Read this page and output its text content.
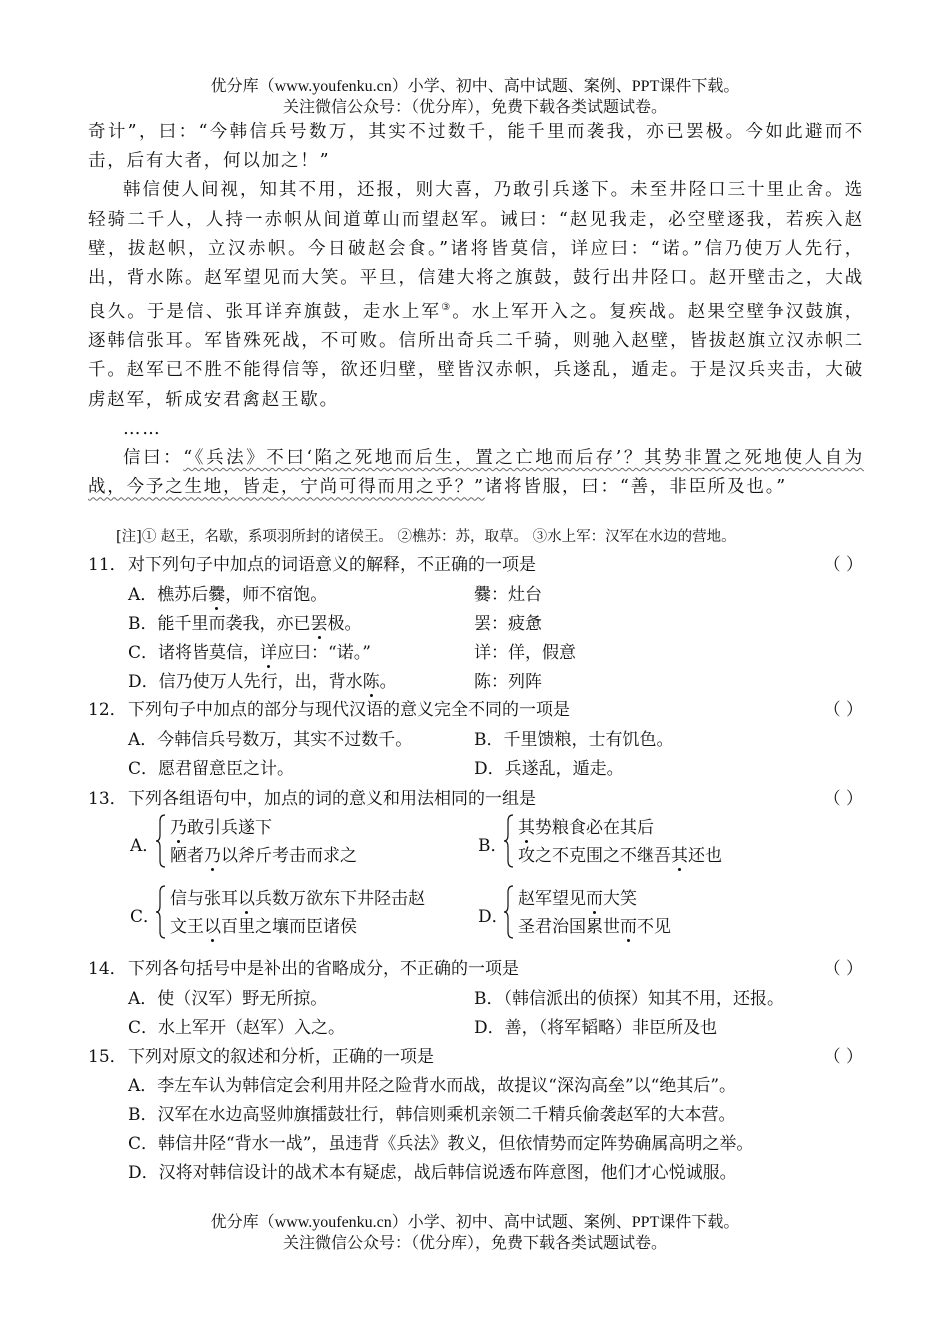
优分库（www.youfenku.cn）小学、初中、高中试题、案例、PPT课件下载。
关注微信公众号：（优分库），免费下载各类试题试卷。

奇计”，曰：“今韩信兵号数万，其实不过数千，能千里而袭我，亦已罢极。今如此避而不击，后有大者，何以加之！”

韩信使人间视，知其不用，还报，则大喜，乃敢引兵遂下。未至井陉口三十里止舍。选轻骑二千人，人持一赤帜从间道萆山而望赵军。诫曰：“赵见我走，必空壁逐我，若疾入赵壁，拔赵帜，立汉赤帜。今日破赵会食。”诸将皆莫信，详应曰：“诺。”信乃使万人先行，出，背水陈。赵军望见而大笑。平旦，信建大将之旗鼓，鼓行出井陉口。赵开壁击之，大战良久。于是信、张耳详弃旗鼓，走水上军③。水上军开入之。复疾战。赵果空壁争汉鼓旗，逐韩信张耳。军皆殊死战，不可败。信所出奇兵二千骑，则驰入赵壁，皆拔赵旗立汉赤帜二千。赵军已不胜不能得信等，欲还归壁，壁皆汉赤帜，兵遂乱，遁走。于是汉兵夹击，大破虏赵军，斩成安君禽赵王歇。

……

信曰：“《兵法》不曰‘陷之死地而后生，置之亡地而后存’？其势非置之死地使人自为战，今予之生地，皆走，宁尚可得而用之乎？”诸将皆服，曰：“善，非臣所及也。”

[注]① 赵王，名歇，系项羽所封的诸侯王。 ②樵苏：苏，取草。 ③水上军：汉军在水边的营地。
11．对下列句子中加点的词语意义的解释，不正确的一项是	（ ）
A．樵苏后爨，师不宿饱。	爨：灶台
B．能千里而袭我，亦已罢极。	罢：疲惫
C．诸将皆莫信，详应曰：“诺。”	详：佯，假意
D．信乃使万人先行，出，背水陈。	陈：列阵
12．下列句子中加点的部分与现代汉语的意义完全不同的一项是	（ ）
A．今韩信兵号数万，其实不过数千。	B．千里馈粮，士有饥色。
C．愿君留意臣之计。	D．兵遂乱，遁走。
13．下列各组语句中，加点的词的意义和用法相同的一组是	（ ）
A．
乃敢引兵遂下
陋者乃以斧斤考击而求之	B．
其势粮食必在其后
攻之不克围之不继吾其还也
C．
信与张耳以兵数万欲东下井陉击赵
文王以百里之壤而臣诸侯	D．
赵军望见而大笑
圣君治国累世而不见
14．下列各句括号中是补出的省略成分，不正确的一项是	（ ）
A．使（汉军）野无所掠。	B．（韩信派出的侦探）知其不用，还报。
C．水上军开（赵军）入之。	D．善，（将军韬略）非臣所及也
15．下列对原文的叙述和分析，正确的一项是	（ ）
A．李左车认为韩信定会利用井陉之险背水而战，故提议“深沟高垒”以“绝其后”。
B．汉军在水边高竖帅旗擂鼓壮行，韩信则乘机亲领二千精兵偷袭赵军的大本营。
C．韩信井陉“背水一战”，虽违背《兵法》教义，但依情势而定阵势确属高明之举。
D．汉将对韩信设计的战术本有疑虑，战后韩信说透布阵意图，他们才心悦诚服。
优分库（www.youfenku.cn）小学、初中、高中试题、案例、PPT课件下载。
关注微信公众号：（优分库），免费下载各类试题试卷。
